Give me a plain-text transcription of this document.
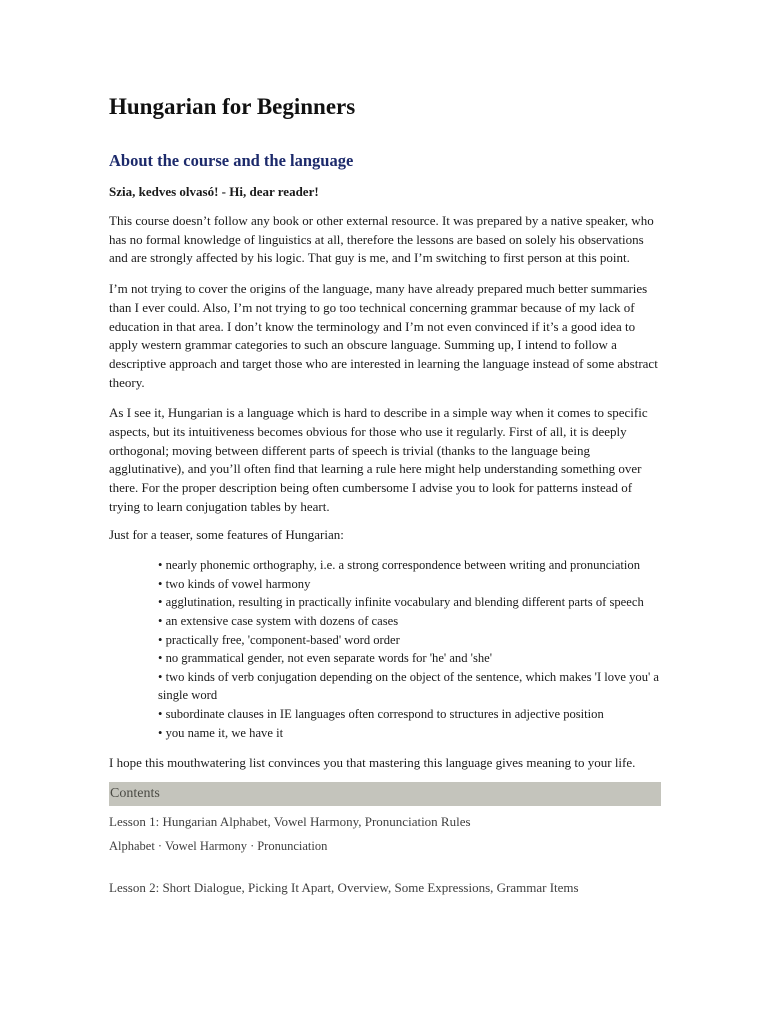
Hungarian for Beginners
About the course and the language

Szia, kedves olvasó! - Hi, dear reader!

This course doesn’t follow any book or other external resource. It was prepared by a native speaker, who has no formal knowledge of linguistics at all, therefore the lessons are based on solely his observations and are strongly affected by his logic. That guy is me, and I’m switching to first person at this point.

I’m not trying to cover the origins of the language, many have already prepared much better summaries than I ever could. Also, I’m not trying to go too technical concerning grammar because of my lack of education in that area. I don’t know the terminology and I’m not even convinced if it’s a good idea to apply western grammar categories to such an obscure language. Summing up, I intend to follow a descriptive approach and target those who are interested in learning the language instead of some abstract theory.

As I see it, Hungarian is a language which is hard to describe in a simple way when it comes to specific aspects, but its intuitiveness becomes obvious for those who use it regularly. First of all, it is deeply orthogonal; moving between different parts of speech is trivial (thanks to the language being agglutinative), and you’ll often find that learning a rule here might help understanding something over there. For the proper description being often cumbersome I advise you to look for patterns instead of trying to learn conjugation tables by heart.

Just for a teaser, some features of Hungarian:

• nearly phonemic orthography, i.e. a strong correspondence between writing and pronunciation
• two kinds of vowel harmony
• agglutination, resulting in practically infinite vocabulary and blending different parts of speech
• an extensive case system with dozens of cases
• practically free, 'component-based' word order
• no grammatical gender, not even separate words for 'he' and 'she'
• two kinds of verb conjugation depending on the object of the sentence, which makes 'I love you' a single word
• subordinate clauses in IE languages often correspond to structures in adjective position
• you name it, we have it

I hope this mouthwatering list convinces you that mastering this language gives meaning to your life.

Contents

Lesson 1: Hungarian Alphabet, Vowel Harmony, Pronunciation Rules

Alphabet · Vowel Harmony · Pronunciation

Lesson 2: Short Dialogue, Picking It Apart, Overview, Some Expressions, Grammar Items
